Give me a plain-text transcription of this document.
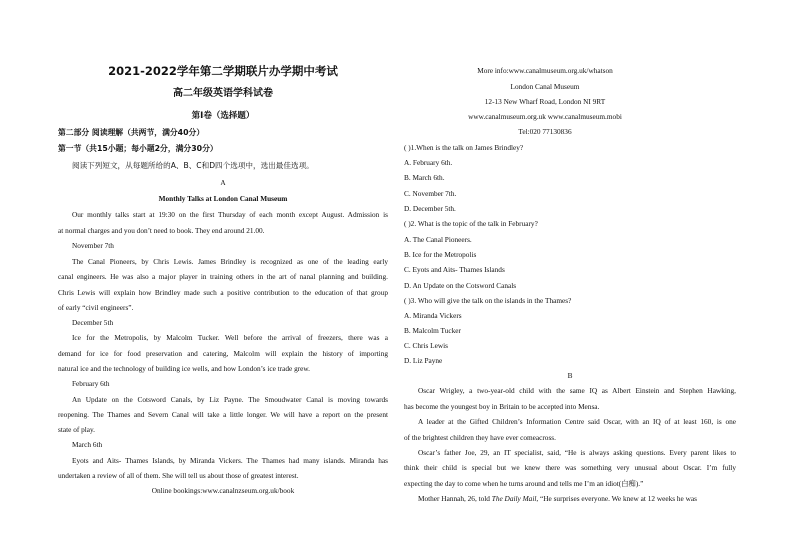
2021-2022学年第二学期联片办学期中考试
高二年级英语学科试卷
第Ⅰ卷（选择题）
第二部分 阅读理解（共两节，满分40分）
第一节（共15小题；每小题2分，满分30分）
阅读下列短文，从每题所给的A、B、C和D四个选项中，选出最佳选项。
A
Monthly Talks at London Canal Museum
Our monthly talks start at 19:30 on the first Thursday of each month except August. Admission is
at normal charges and you don’t need to book. They end around 21.00.
November 7th
The Canal Pioneers, by Chris Lewis. James Brindley is recognized as one of the leading early
canal engineers. He was also a major player in training others in the art of nanal planning and building.
Chris Lewis will explain how Brindley made such a positive contribution to the education of that group
of early “civil engineers”.
December 5th
Ice for the Metropolis, by Malcolm Tucker. Well before the arrival of freezers, there was a
demand for ice for food preservation and catering, Malcolm will explain the history of importing
natural ice and the technology of building ice wells, and how London’s ice trade grew.
February 6th
An Update on the Cotsword Canals, by Liz Payne. The Smoudwater Canal is moving towards
reopening. The Thames and Severn Canal will take a little longer. We will have a report on the present
state of play.
March 6th
Eyots and Aits- Thames Islands, by Miranda Vickers. The Thames had many islands. Miranda has
undertaken a review of all of them. She will tell us about those of greatest interest.
Online bookings:www.canalnzseum.org.uk/book
More info:www.canalmuseum.org.uk/whatson
London Canal Museum
12-13 New Wharf Road, London NI 9RT
www.canalmuseum.org.uk www.canalmuseum.mobi
Tel:020 77130836
( )1.When is the talk on James Brindley?
A. February 6th.
B. March 6th.
C. November 7th.
D. December 5th.
( )2. What is the topic of the talk in February?
A. The Canal Pioneers.
B. Ice for the Metropolis
C. Eyots and Aits- Thames Islands
D. An Update on the Cotsword Canals
( )3. Who will give the talk on the islands in the Thames?
A. Miranda Vickers
B. Malcolm Tucker
C. Chris Lewis
D. Liz Payne
B
Oscar Wrigley, a two-year-old child with the same IQ as Albert Einstein and Stephen Hawking,
has become the youngest boy in Britain to be accepted into Mensa.
A leader at the Gifted Children’s Information Centre said Oscar, with an IQ of at least 160, is one
of the brightest children they have ever comeacross.
Oscar’s father Joe, 29, an IT specialist, said, “He is always asking questions. Every parent likes to
think their child is special but we knew there was something very unusual about Oscar. I’m fully
expecting the day to come when he turns around and tells me I’m an idiot(白痴).”
Mother Hannah, 26, told The Daily Mail, “He surprises everyone. We knew at 12 weeks he was
